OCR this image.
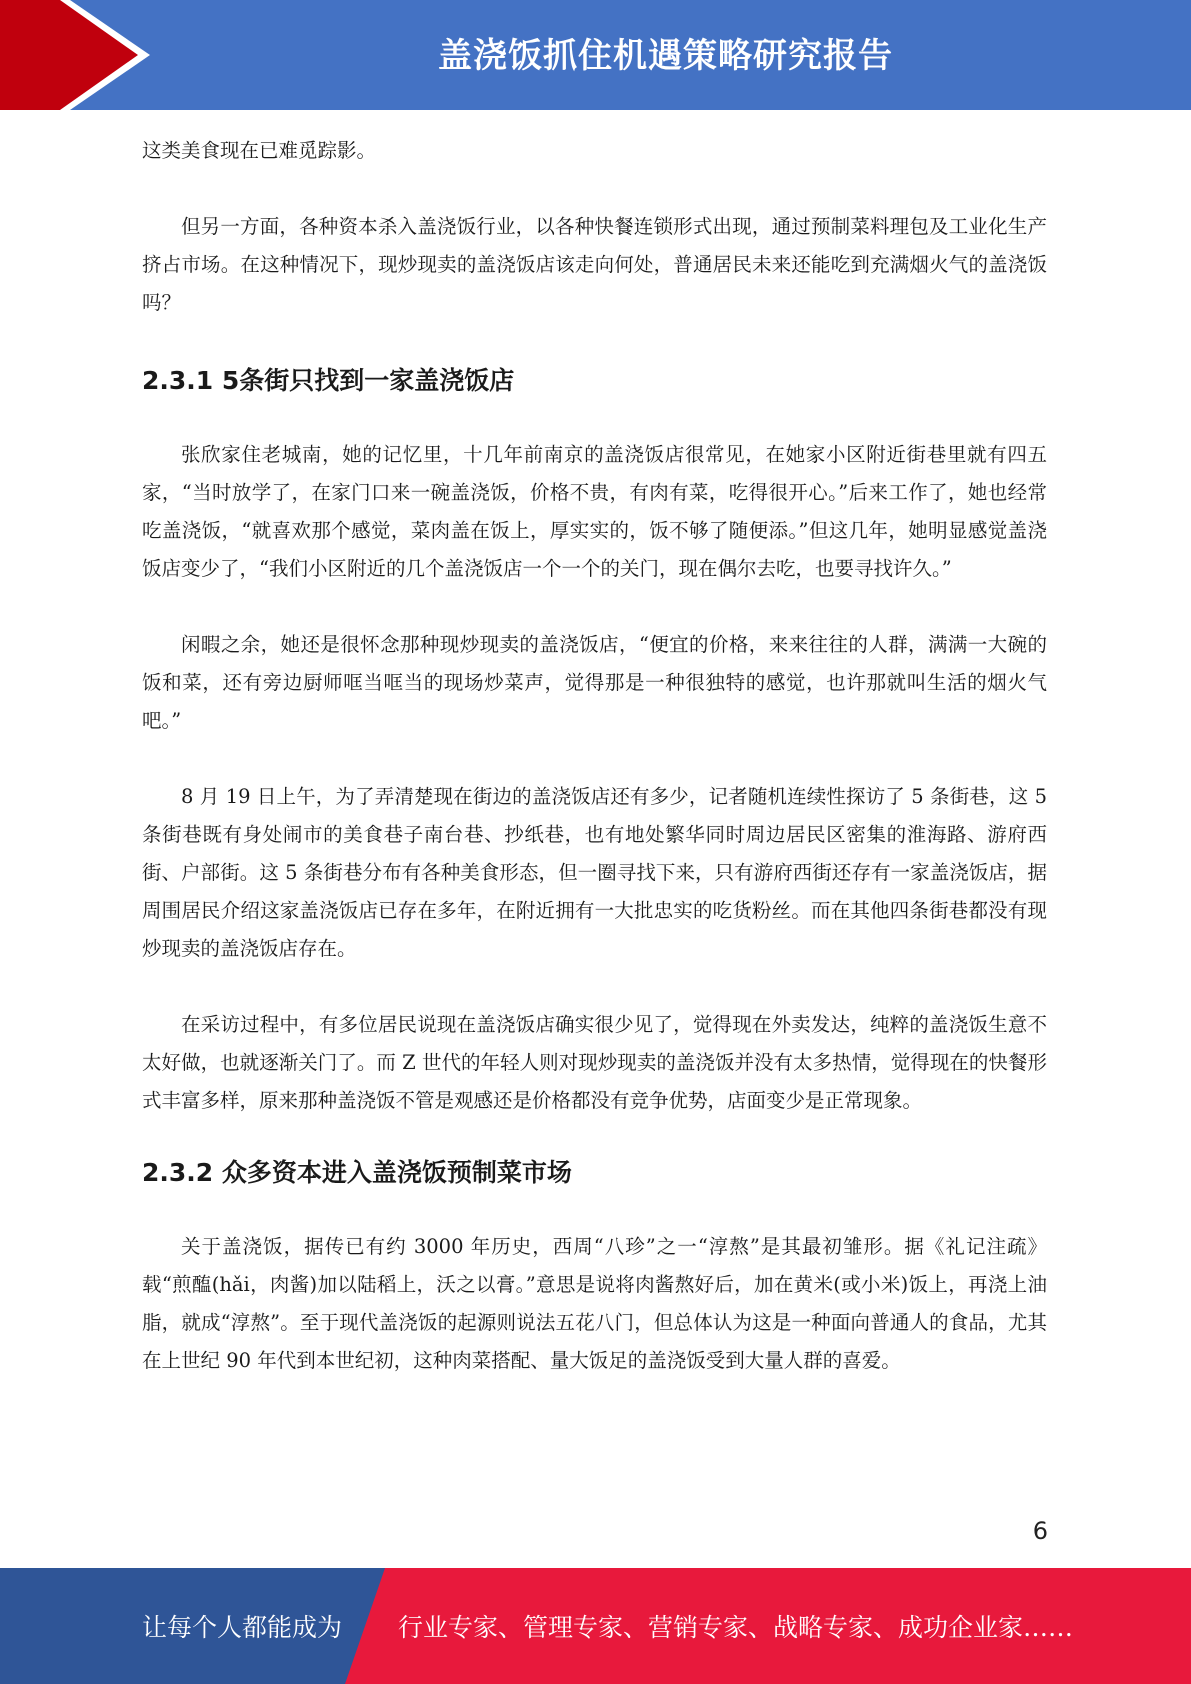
盖浇饭抓住机遇策略研究报告

这类美食现在已难觅踪影。

但另一方面，各种资本杀入盖浇饭行业，以各种快餐连锁形式出现，通过预制菜料理包及工业化生产挤占市场。在这种情况下，现炒现卖的盖浇饭店该走向何处，普通居民未来还能吃到充满烟火气的盖浇饭吗？

2.3.1 5条街只找到一家盖浇饭店

张欣家住老城南，她的记忆里，十几年前南京的盖浇饭店很常见，在她家小区附近街巷里就有四五家，“当时放学了，在家门口来一碗盖浇饭，价格不贵，有肉有菜，吃得很开心。”后来工作了，她也经常吃盖浇饭，“就喜欢那个感觉，菜肉盖在饭上，厚实实的，饭不够了随便添。”但这几年，她明显感觉盖浇饭店变少了，“我们小区附近的几个盖浇饭店一个一个的关门，现在偶尔去吃，也要寻找许久。”

闲暇之余，她还是很怀念那种现炒现卖的盖浇饭店，“便宜的价格，来来往往的人群，满满一大碗的饭和菜，还有旁边厨师哐当哐当的现场炒菜声，觉得那是一种很独特的感觉，也许那就叫生活的烟火气吧。”

8 月 19 日上午，为了弄清楚现在街边的盖浇饭店还有多少，记者随机连续性探访了 5 条街巷，这 5 条街巷既有身处闹市的美食巷子南台巷、抄纸巷，也有地处繁华同时周边居民区密集的淮海路、游府西街、户部街。这 5 条街巷分布有各种美食形态，但一圈寻找下来，只有游府西街还存有一家盖浇饭店，据周围居民介绍这家盖浇饭店已存在多年，在附近拥有一大批忠实的吃货粉丝。而在其他四条街巷都没有现炒现卖的盖浇饭店存在。

在采访过程中，有多位居民说现在盖浇饭店确实很少见了，觉得现在外卖发达，纯粹的盖浇饭生意不太好做，也就逐渐关门了。而 Z 世代的年轻人则对现炒现卖的盖浇饭并没有太多热情，觉得现在的快餐形式丰富多样，原来那种盖浇饭不管是观感还是价格都没有竞争优势，店面变少是正常现象。

2.3.2 众多资本进入盖浇饭预制菜市场

关于盖浇饭，据传已有约 3000 年历史，西周“八珍”之一“淳熬”是其最初雏形。据《礼记注疏》载“煎醢(hǎi，肉酱)加以陆稻上，沃之以膏。”意思是说将肉酱熬好后，加在黄米(或小米)饭上，再浇上油脂，就成“淳熬”。至于现代盖浇饭的起源则说法五花八门，但总体认为这是一种面向普通人的食品，尤其在上世纪 90 年代到本世纪初，这种肉菜搭配、量大饭足的盖浇饭受到大量人群的喜爱。

6
让每个人都能成为 行业专家、管理专家、营销专家、战略专家、成功企业家……
